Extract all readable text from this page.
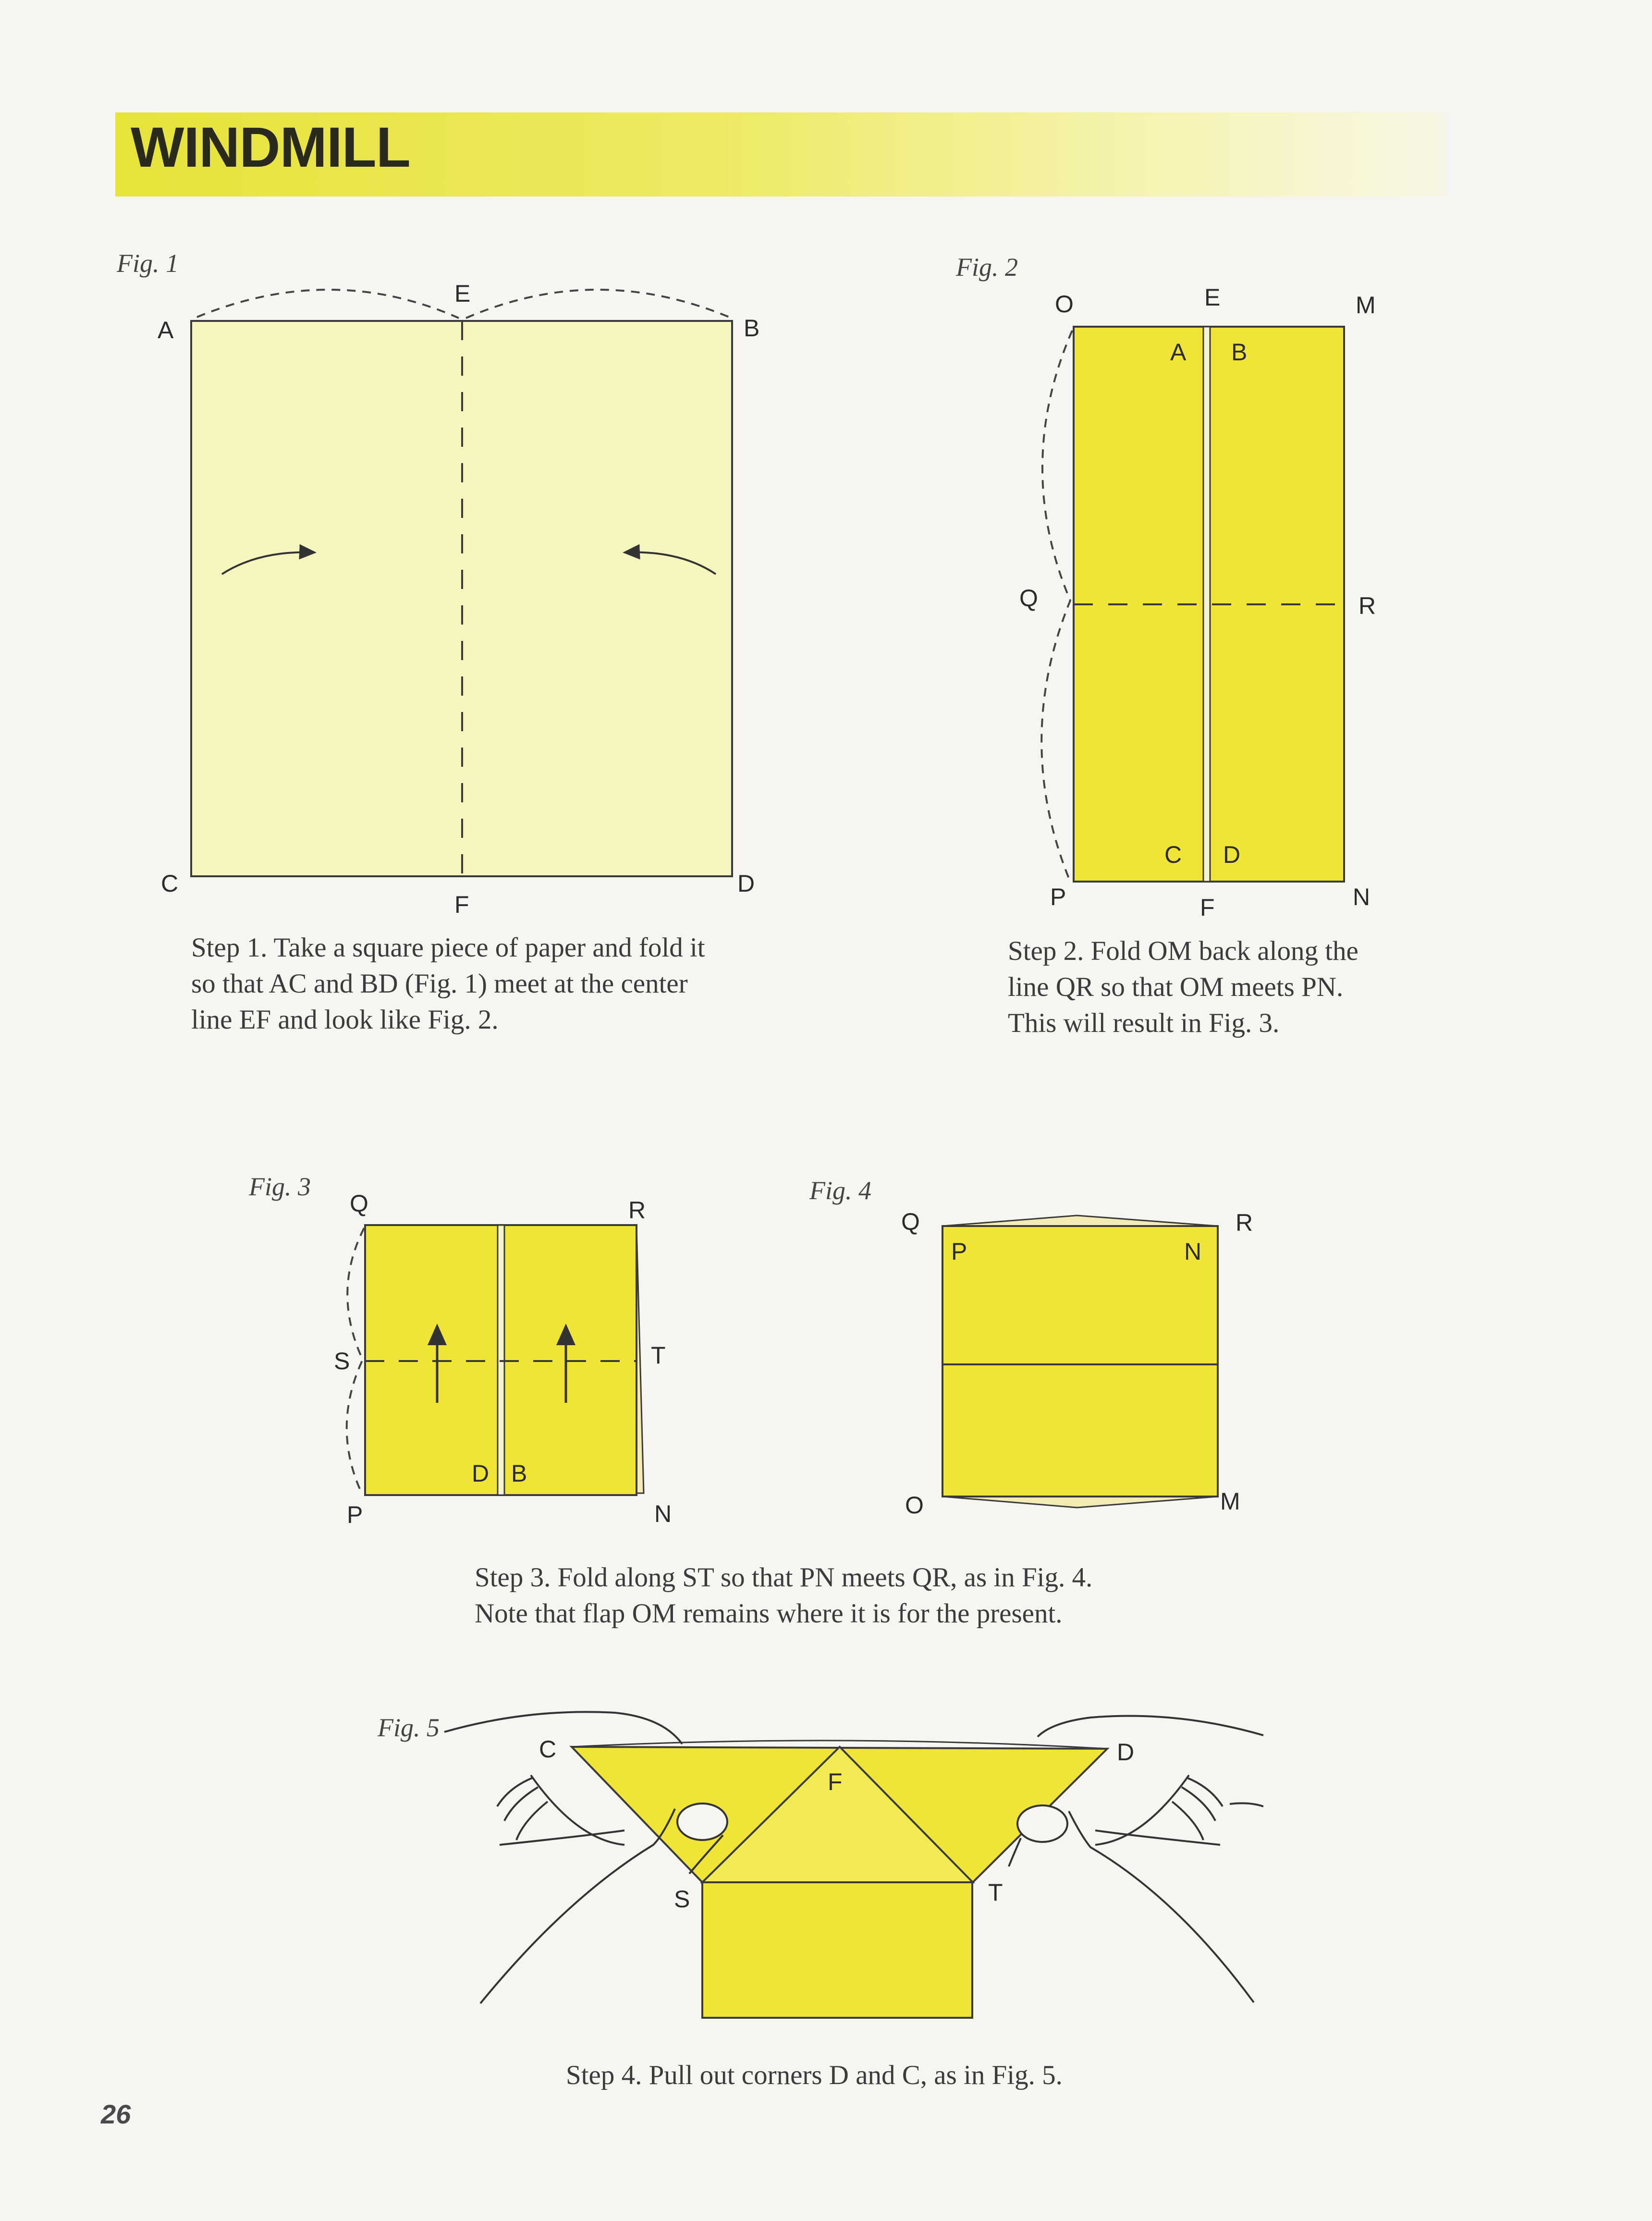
WINDMILL
Fig. 1
A	B
C	D
E
F
Fig. 2
O	E	M
A B
Q	R
C D
P	F	N
Fig. 3
Q	R
S	T
D B
P	N
Fig. 4
Q	R
P	N
O	M
Fig. 5
C	D
F
S	T

Step 1. Take a square piece of paper and fold it
so that AC and BD (Fig. 1) meet at the center
line EF and look like Fig. 2.

Step 2. Fold OM back along the
line QR so that OM meets PN.
This will result in Fig. 3.

Step 3. Fold along ST so that PN meets QR, as in Fig. 4.
Note that flap OM remains where it is for the present.

Step 4. Pull out corners D and C, as in Fig. 5.

26
